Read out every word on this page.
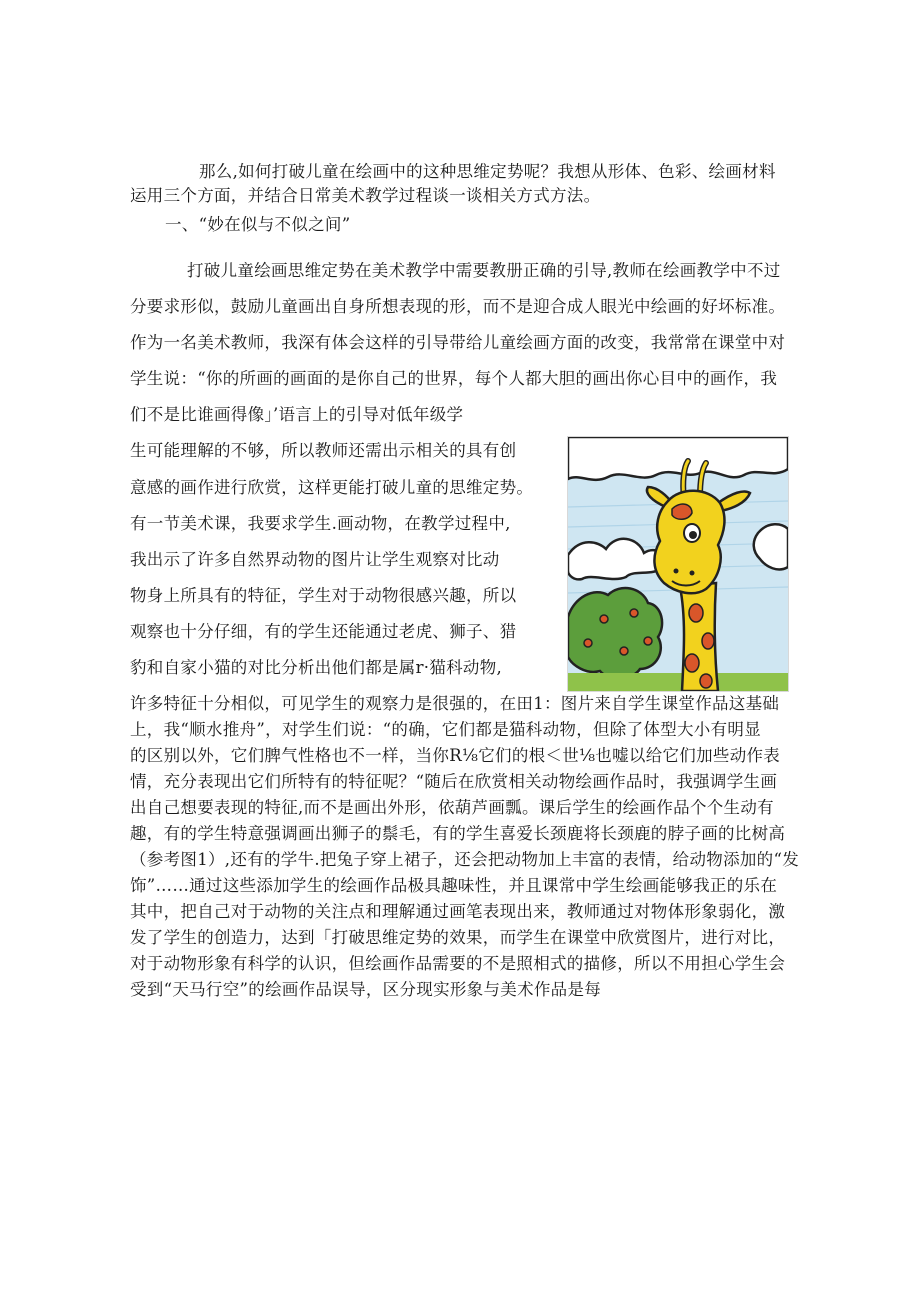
那么,如何打破儿童在绘画中的这种思维定势呢？我想从形体、色彩、绘画材料
运用三个方面，并结合日常美术教学过程谈一谈相关方式方法。
一、“妙在似与不似之间”
打破儿童绘画思维定势在美术教学中需要教册正确的引导,教师在绘画教学中不过
分要求形似，鼓励儿童画出自身所想表现的形，而不是迎合成人眼光中绘画的好坏标准。
作为一名美术教师，我深有体会这样的引导带给儿童绘画方面的改变，我常常在课堂中对
学生说：“你的所画的画面的是你自己的世界，每个人都大胆的画出你心目中的画作，我
们不是比谁画得像」’语言上的引导对低年级学
生可能理解的不够，所以教师还需出示相关的具有创
意感的画作进行欣赏，这样更能打破儿童的思维定势。
有一节美术课，我要求学生.画动物，在教学过程中,
我出示了许多自然界动物的图片让学生观察对比动
物身上所具有的特征，学生对于动物很感兴趣，所以
观察也十分仔细，有的学生还能通过老虎、狮子、猎
豹和自家小猫的对比分析出他们都是属r·猫科动物,
许多特征十分相似，可见学生的观察力是很强的，在田1：图片来自学生课堂作品这基础
上，我“顺水推舟”，对学生们说：“的确，它们都是猫科动物，但除了体型大小有明显
的区别以外，它们脾气性格也不一样，当你R⅛它们的根＜世⅛也嘘以给它们加些动作表
情，充分表现出它们所特有的特征呢？“随后在欣赏相关动物绘画作品时，我强调学生画
出自己想要表现的特征,而不是画出外形，依葫芦画瓢。课后学生的绘画作品个个生动有
趣，有的学生特意强调画出狮子的鬃毛，有的学生喜爱长颈鹿将长颈鹿的脖子画的比树高
（参考图1）,还有的学牛.把兔子穿上裙子，还会把动物加上丰富的表情，给动物添加的“发
饰”……通过这些添加学生的绘画作品极具趣味性，并且课常中学生绘画能够我正的乐在
其中，把自己对于动物的关注点和理解通过画笔表现出来，教师通过对物体形象弱化，激
发了学生的创造力，达到「打破思维定势的效果，而学生在课堂中欣赏图片，进行对比，
对于动物形象有科学的认识，但绘画作品需要的不是照相式的描修，所以不用担心学生会
受到“天马行空”的绘画作品误导，区分现实形象与美术作品是每
